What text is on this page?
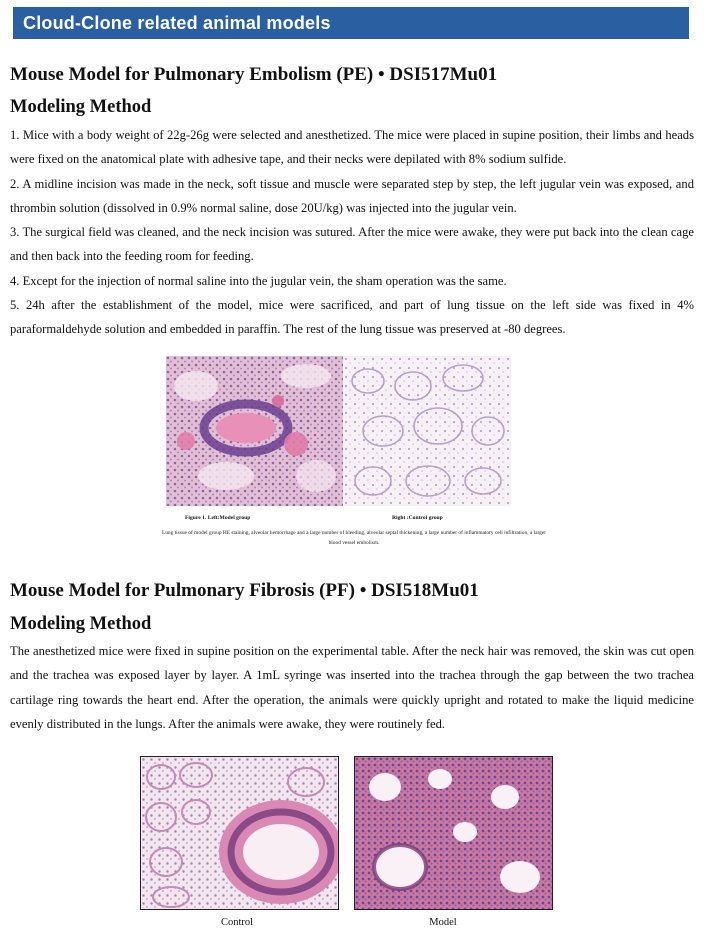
Cloud-Clone related animal models
Mouse Model for Pulmonary Embolism (PE) • DSI517Mu01
Modeling Method

1. Mice with a body weight of 22g-26g were selected and anesthetized. The mice were placed in supine position, their limbs and heads were fixed on the anatomical plate with adhesive tape, and their necks were depilated with 8% sodium sulfide.

2. A midline incision was made in the neck, soft tissue and muscle were separated step by step, the left jugular vein was exposed, and thrombin solution (dissolved in 0.9% normal saline, dose 20U/kg) was injected into the jugular vein.

3. The surgical field was cleaned, and the neck incision was sutured. After the mice were awake, they were put back into the clean cage and then back into the feeding room for feeding.

4. Except for the injection of normal saline into the jugular vein, the sham operation was the same.

5. 24h after the establishment of the model, mice were sacrificed, and part of lung tissue on the left side was fixed in 4% paraformaldehyde solution and embedded in paraffin. The rest of the lung tissue was preserved at -80 degrees.

Figure 1. Left:Model group	Right :Control group
Lung tissue of model group HE staining, alveolar hemorrhage and a large number of bleeding, alveolar septal thickening, a large number of inflammatory cell infiltration, a larger blood vessel embolism.
Mouse Model for Pulmonary Fibrosis (PF) • DSI518Mu01
Modeling Method

The anesthetized mice were fixed in supine position on the experimental table. After the neck hair was removed, the skin was cut open and the trachea was exposed layer by layer. A 1mL syringe was inserted into the trachea through the gap between the two trachea cartilage ring towards the heart end. After the operation, the animals were quickly upright and rotated to make the liquid medicine evenly distributed in the lungs. After the animals were awake, they were routinely fed.

Control	Model
